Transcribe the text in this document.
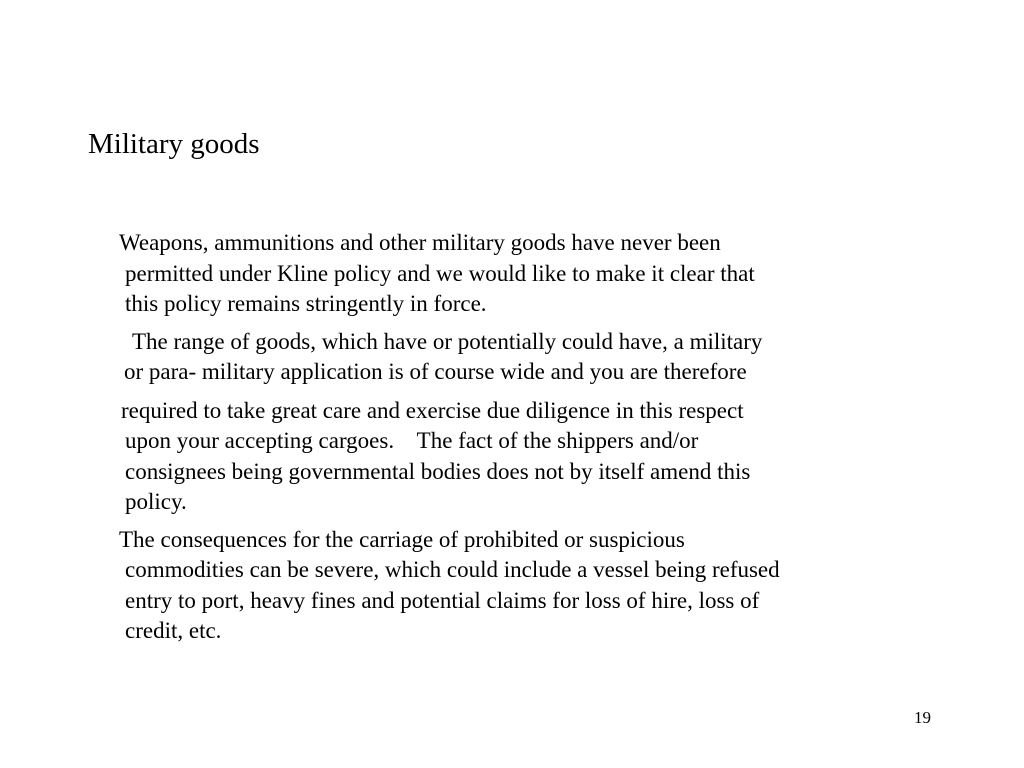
Military goods

Weapons, ammunitions and other military goods have never been
permitted under Kline policy and we would like to make it clear that
this policy remains stringently in force.

The range of goods, which have or potentially could have, a military
or para- military application is of course wide and you are therefore

required to take great care and exercise due diligence in this respect
upon your accepting cargoes.    The fact of the shippers and/or
consignees being governmental bodies does not by itself amend this
policy.

The consequences for the carriage of prohibited or suspicious
commodities can be severe, which could include a vessel being refused
entry to port, heavy fines and potential claims for loss of hire, loss of
credit, etc.

19
